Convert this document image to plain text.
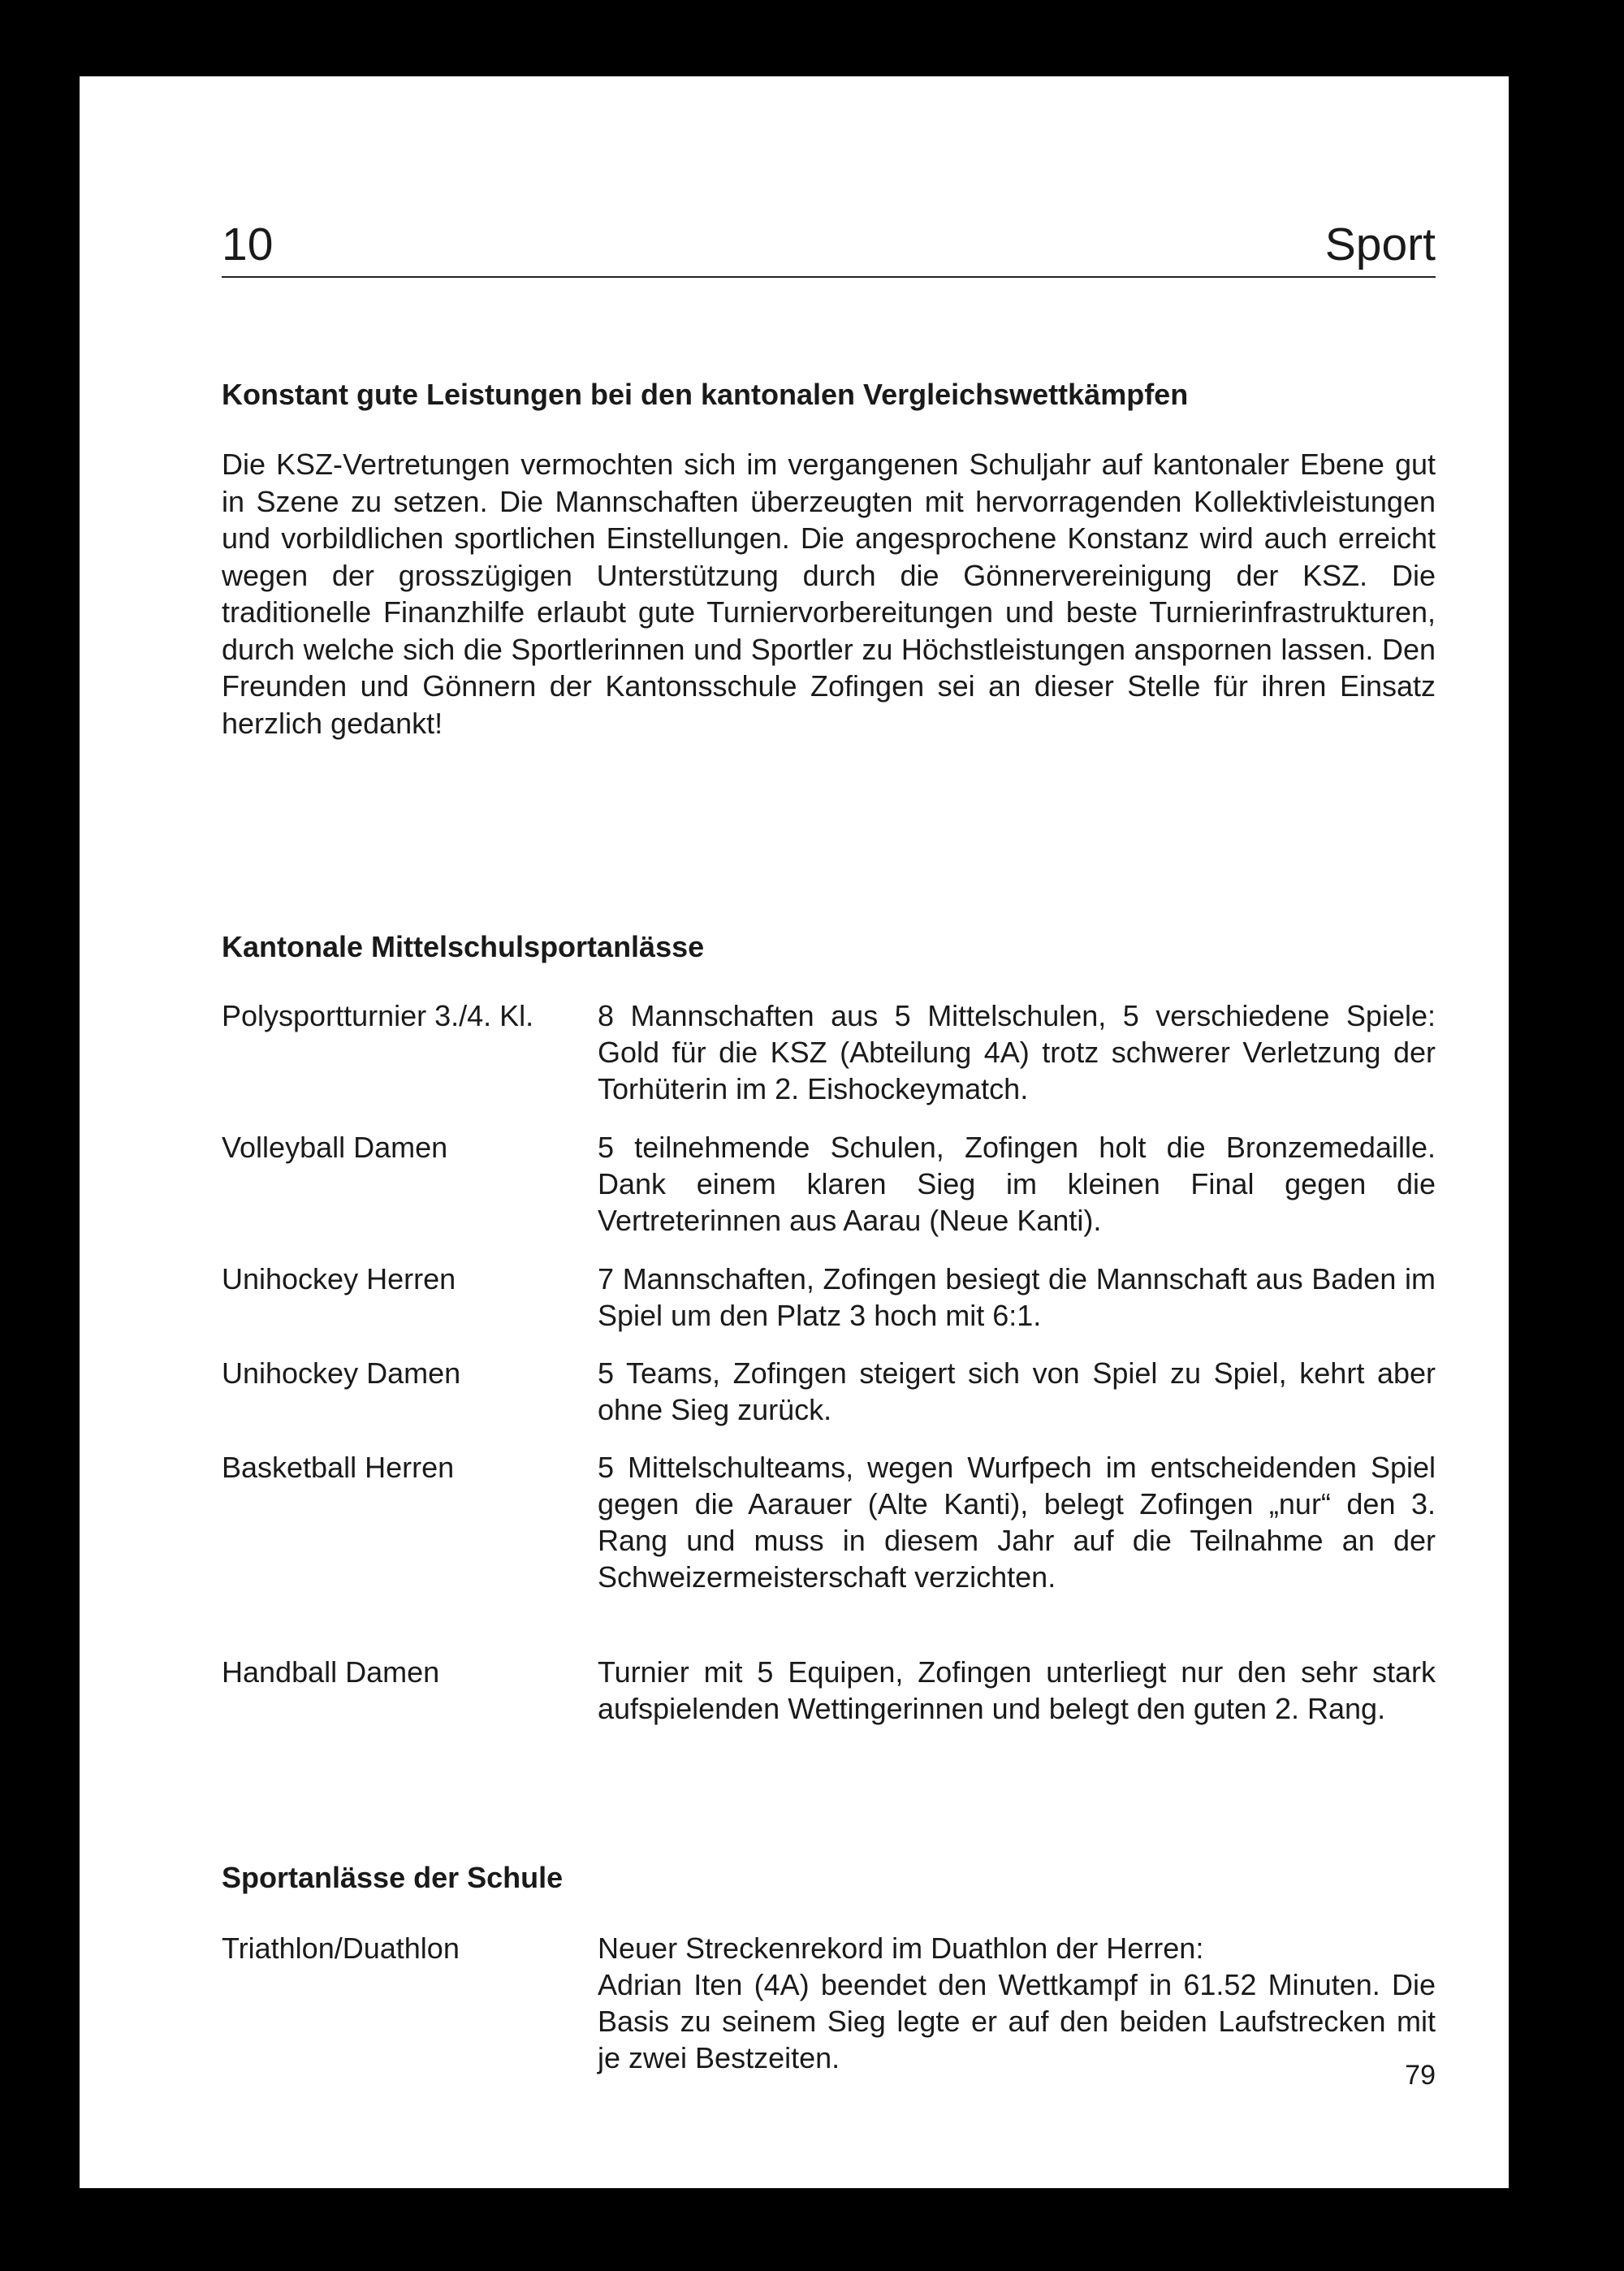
10	Sport
Konstant gute Leistungen bei den kantonalen Vergleichswettkämpfen
Die KSZ-Vertretungen vermochten sich im vergangenen Schuljahr auf kantonaler Ebene gut in Szene zu setzen. Die Mannschaften überzeugten mit hervorragenden Kollektivleistungen und vorbildlichen sportlichen Einstellungen. Die angesprochene Konstanz wird auch erreicht wegen der grosszügigen Unterstützung durch die Gönnervereinigung der KSZ. Die traditionelle Finanzhilfe erlaubt gute Turniervorbereitungen und beste Turnierinfrastrukturen, durch welche sich die Sportlerinnen und Sportler zu Höchstleistungen anspornen lassen. Den Freunden und Gönnern der Kantonsschule Zofingen sei an dieser Stelle für ihren Einsatz herzlich gedankt!
Kantonale Mittelschulsportanlässe
Polysportturnier 3./4. Kl. 8 Mannschaften aus 5 Mittelschulen, 5 verschiedene Spiele: Gold für die KSZ (Abteilung 4A) trotz schwerer Verletzung der Torhüterin im 2. Eishockeymatch.
Volleyball Damen	5 teilnehmende Schulen, Zofingen holt die Bronzemedaille. Dank einem klaren Sieg im kleinen Final gegen die Vertreterinnen aus Aarau (Neue Kanti).
Unihockey Herren	7 Mannschaften, Zofingen besiegt die Mannschaft aus Baden im Spiel um den Platz 3 hoch mit 6:1.
Unihockey Damen	5 Teams, Zofingen steigert sich von Spiel zu Spiel, kehrt aber ohne Sieg zurück.
Basketball Herren	5 Mittelschulteams, wegen Wurfpech im entscheidenden Spiel gegen die Aarauer (Alte Kanti), belegt Zofingen „nur“ den 3. Rang und muss in diesem Jahr auf die Teilnahme an der Schweizermeisterschaft verzichten.
Handball Damen	Turnier mit 5 Equipen, Zofingen unterliegt nur den sehr stark aufspielenden Wettingerinnen und belegt den guten 2. Rang.
Sportanlässe der Schule
Triathlon/Duathlon	Neuer Streckenrekord im Duathlon der Herren:
Adrian Iten (4A) beendet den Wettkampf in 61.52 Minuten. Die Basis zu seinem Sieg legte er auf den beiden Laufstrecken mit je zwei Bestzeiten.
79
